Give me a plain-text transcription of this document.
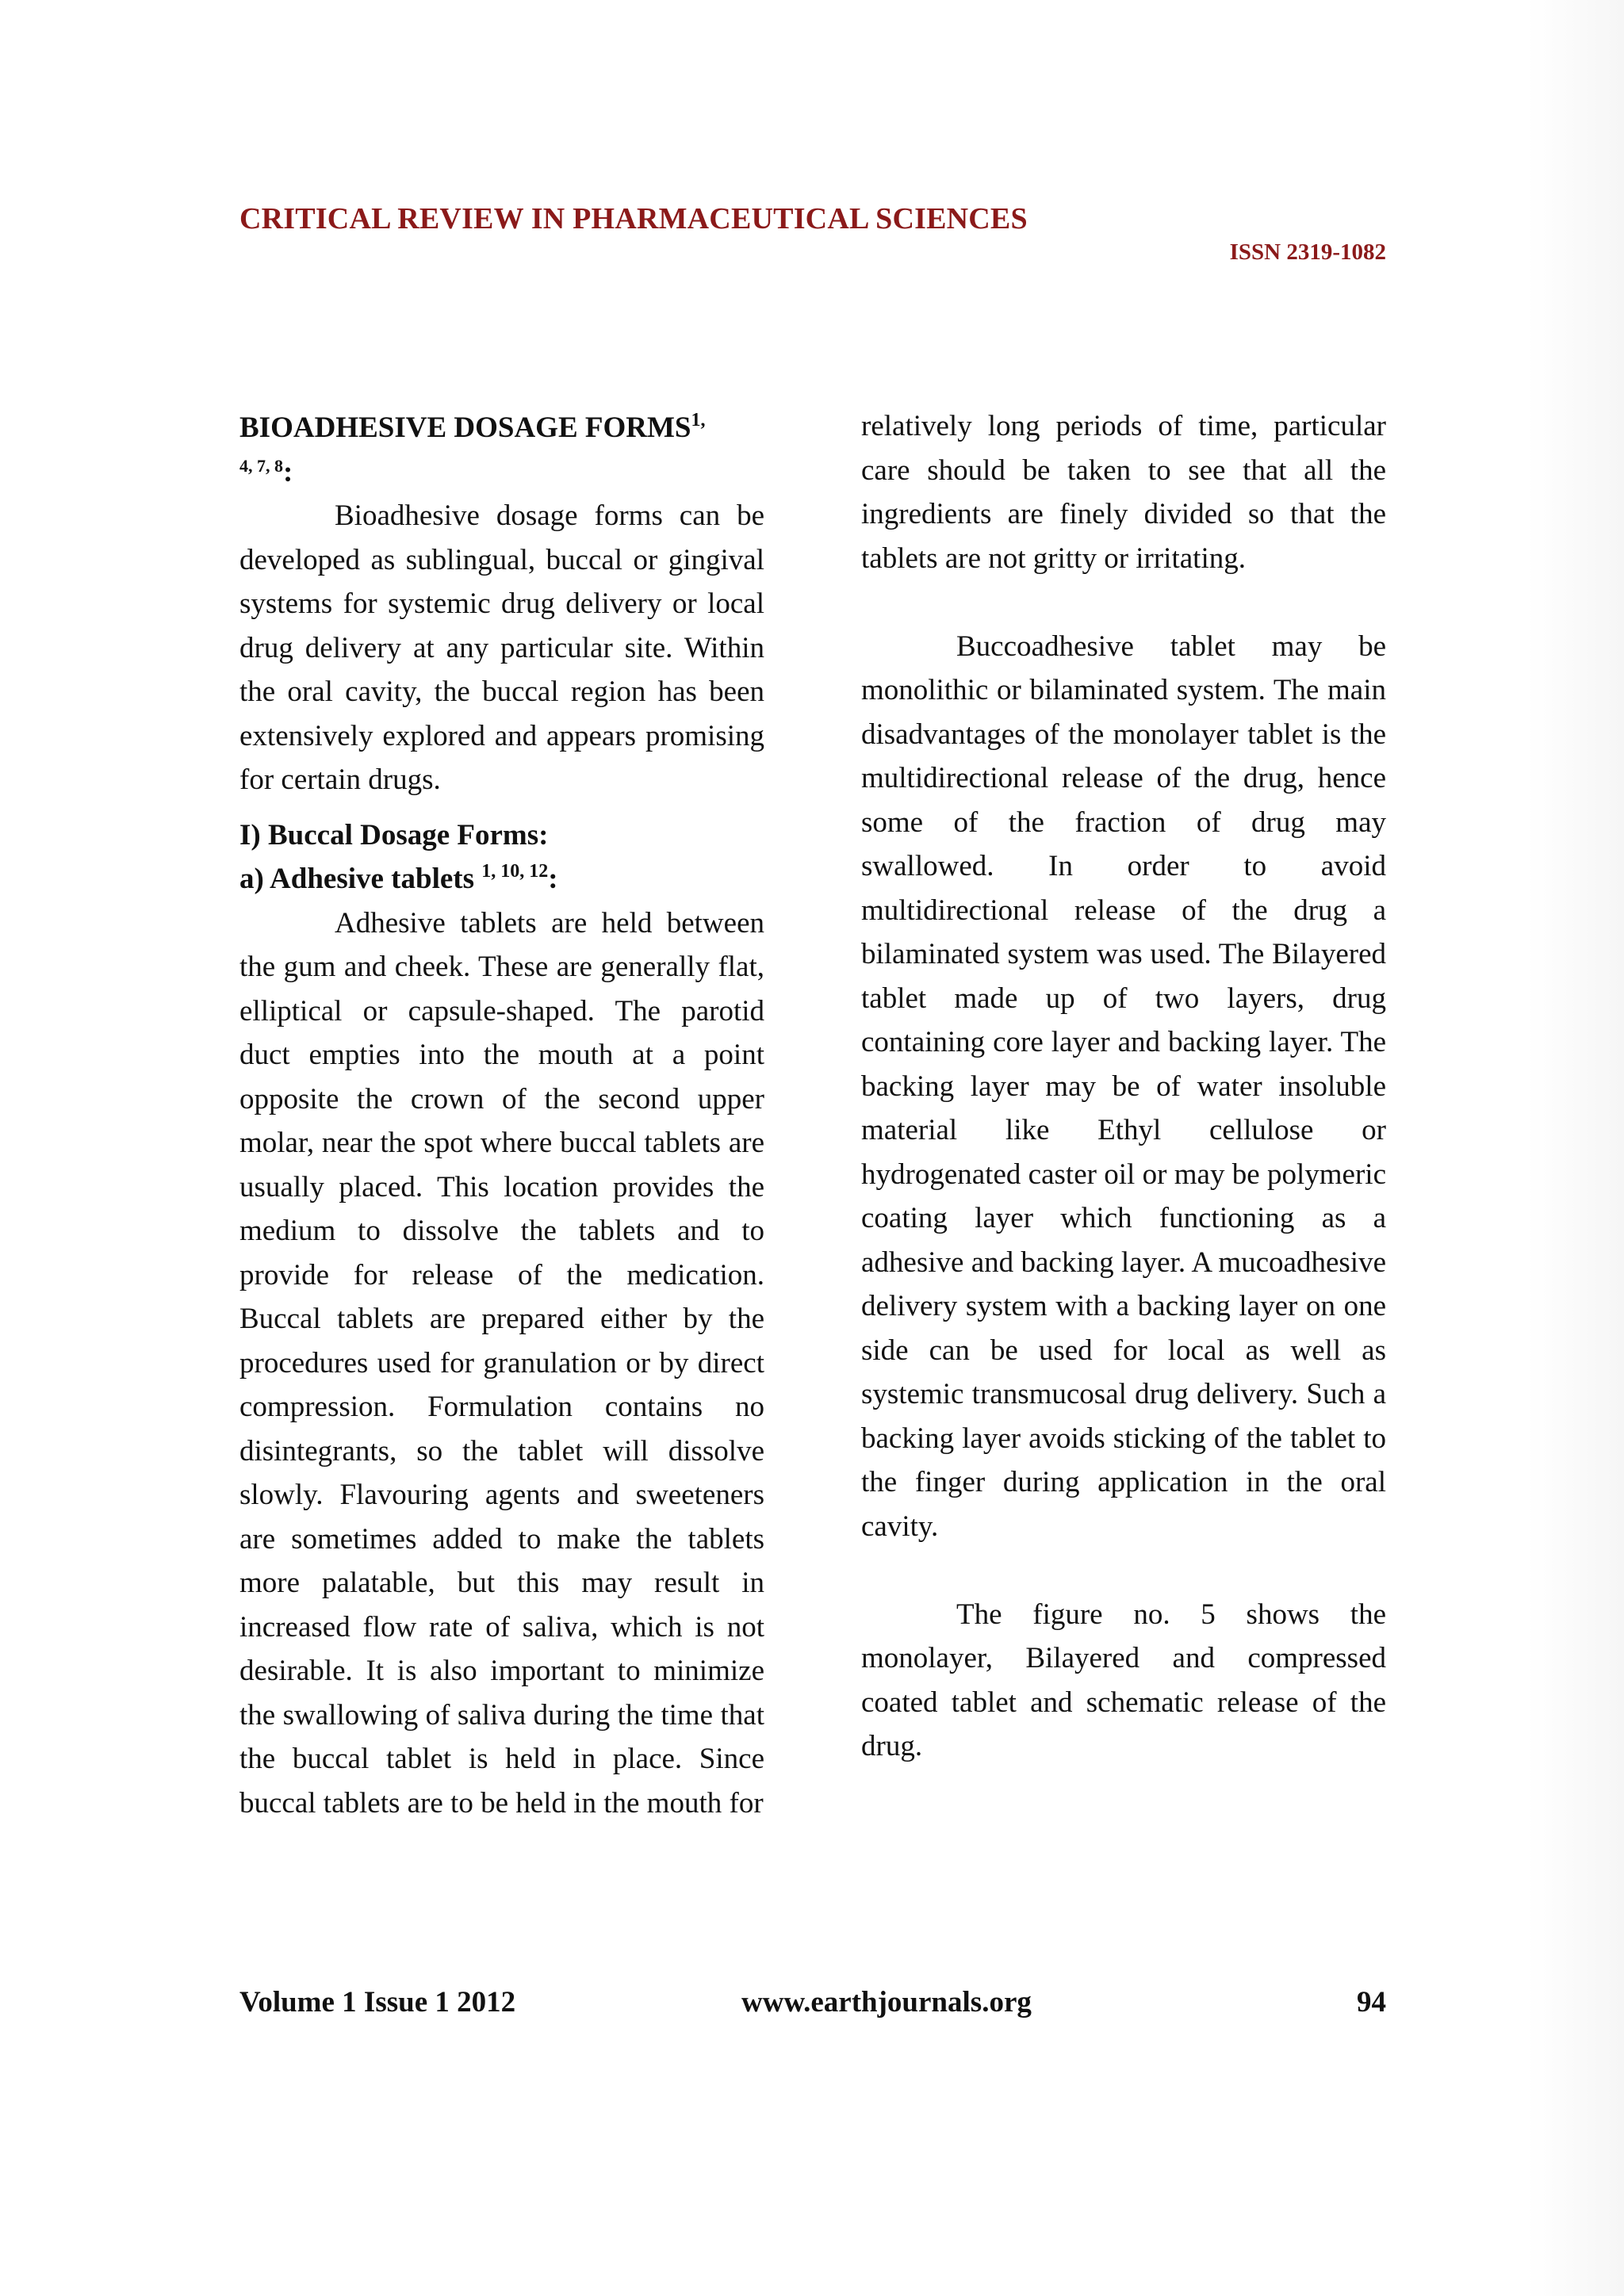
CRITICAL REVIEW IN PHARMACEUTICAL SCIENCES
ISSN 2319-1082

BIOADHESIVE DOSAGE $FORMS^{1,}$
$^{4, 7, 8}$:

Bioadhesive dosage forms can be developed as sublingual, buccal or gingival systems for systemic drug delivery or local drug delivery at any particular site. Within the oral cavity, the buccal region has been extensively explored and appears promising for certain drugs.

I) Buccal Dosage Forms:

a) Adhesive tablets $^{1, 10, 12}$:

Adhesive tablets are held between the gum and cheek. These are generally flat, elliptical or capsule-shaped. The parotid duct empties into the mouth at a point opposite the crown of the second upper molar, near the spot where buccal tablets are usually placed. This location provides the medium to dissolve the tablets and to provide for release of the medication. Buccal tablets are prepared either by the procedures used for granulation or by direct compression. Formulation contains no disintegrants, so the tablet will dissolve slowly. Flavouring agents and sweeteners are sometimes added to make the tablets more palatable, but this may result in increased flow rate of saliva, which is not desirable. It is also important to minimize the swallowing of saliva during the time that the buccal tablet is held in place. Since buccal tablets are to be held in the mouth for

relatively long periods of time, particular care should be taken to see that all the ingredients are finely divided so that the tablets are not gritty or irritating.

Buccoadhesive tablet may be monolithic or bilaminated system. The main disadvantages of the monolayer tablet is the multidirectional release of the drug, hence some of the fraction of drug may swallowed. In order to avoid multidirectional release of the drug a bilaminated system was used. The Bilayered tablet made up of two layers, drug containing core layer and backing layer. The backing layer may be of water insoluble material like Ethyl cellulose or hydrogenated caster oil or may be polymeric coating layer which functioning as a adhesive and backing layer. A mucoadhesive delivery system with a backing layer on one side can be used for local as well as systemic transmucosal drug delivery. Such a backing layer avoids sticking of the tablet to the finger during application in the oral cavity.

The figure no. 5 shows the monolayer, Bilayered and compressed coated tablet and schematic release of the drug.

Volume 1 Issue 1 2012	www.earthjournals.org	94
